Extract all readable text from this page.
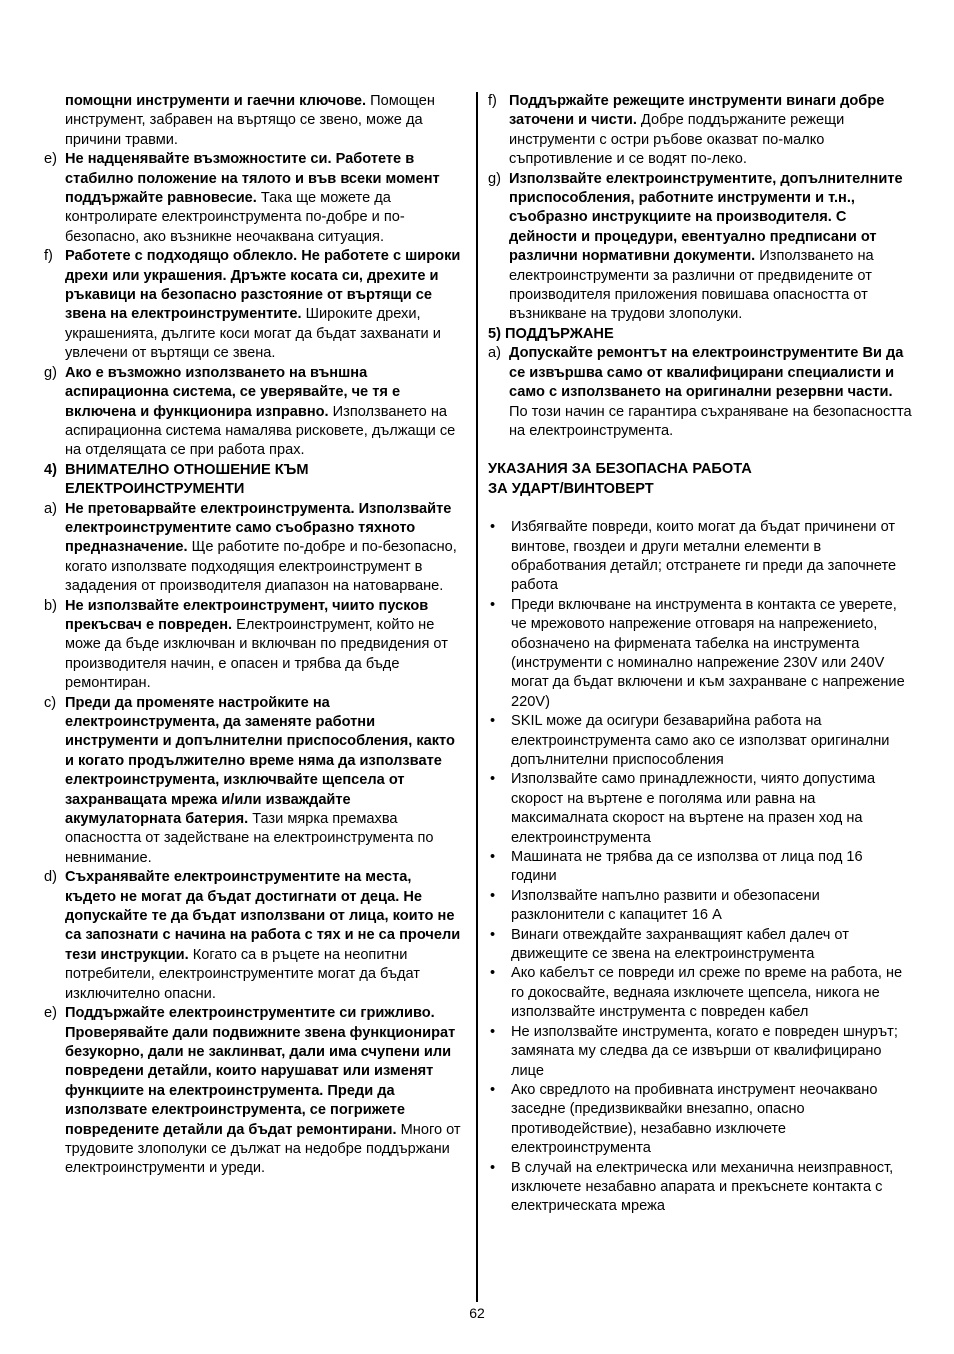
помощни инструменти и гаечни ключове. Помощен инструмент, забравен на въртящо се звено, може да причини травми.
e) Не надценявайте възможностите си. Работете в стабилно положение на тялото и във всеки момент поддържайте равновесие. Така ще можете да контролирате електроинструмента по-добре и по-безопасно, ако възникне неочаквана ситуация.
f) Работете с подходящо облекло. Не работете с широки дрехи или украшения. Дръжте косата си, дрехите и ръкавици на безопасно разстояние от въртящи се звена на електроинструментите. Широките дрехи, украшенията, дългите коси могат да бъдат захванати и увлечени от въртящи се звена.
g) Ако е възможно използването на външна аспирационна система, се уверявайте, че тя е включена и функционира изправно. Използването на аспирационна система намалява рисковете, дължащи се на отделящата се при работа прах.
4) ВНИМАТЕЛНО ОТНОШЕНИЕ КЪМ ЕЛЕКТРОИНСТРУМЕНТИ
a) Не претоварвайте електроинструмента. Използвайте електроинструментите само съобразно тяхното предназначение. Ще работите по-добре и по-безопасно, когато използвате подходящия електроинструмент в зададения от производителя диапазон на натоварване.
b) Не използвайте електроинструмент, чиито пусков прекъсвач е повреден. Електроинструмент, който не може да бъде изключван и включван по предвидения от производителя начин, е опасен и трябва да бъде ремонтиран.
c) Преди да променяте настройките на електроинструмента, да заменяте работни инструменти и допълнителни приспособления, както и когато продължително време няма да използвате електроинструмента, изключвайте щепсела от захранващата мрежа и/или изваждайте акумулаторната батерия. Тази мярка премахва опасността от задействане на електроинструмента по невнимание.
d) Съхранявайте електроинструментите на места, където не могат да бъдат достигнати от деца. Не допускайте те да бъдат използвани от лица, които не са запознати с начина на работа с тях и не са прочели тези инструкции. Когато са в ръцете на неопитни потребители, електроинструментите могат да бъдат изключително опасни.
e) Поддържайте електроинструментите си грижливо. Проверявайте дали подвижните звена функционират безукорно, дали не заклинват, дали има счупени или повредени детайли, които нарушават или изменят функциите на електроинструмента. Преди да използвате електроинструмента, се погрижете повредените детайли да бъдат ремонтирани. Много от трудовите злополуки се дължат на недобре поддържани електроинструменти и уреди.
f) Поддържайте режещите инструменти винаги добре заточени и чисти. Добре поддържаните режещи инструменти с остри ръбове оказват по-малко съпротивление и се водят по-леко.
g) Използвайте електроинструментите, допълнителните приспособления, работните инструменти и т.н., съобразно инструкциите на производителя. С дейности и процедури, евентуално предписани от различни нормативни документи. Използването на електроинструменти за различни от предвидените от производителя приложения повишава опасността от възникване на трудови злополуки.
5) ПОДДЪРЖАНЕ
a) Допускайте ремонтът на електроинструментите Ви да се извършва само от квалифицирани специалисти и само с използването на оригинални резервни части. По този начин се гарантира съхраняване на безопасността на електроинструмента.
УКАЗАНИЯ ЗА БЕЗОПАСНА РАБОТА
ЗА УДАРТ/ВИНТОВЕРТ
•	Избягвайте повреди, които могат да бъдат причинени от винтове, гвоздеи и други метални елементи в обработвания детайл; отстранете ги преди да започнете работа
•	Преди включване на инструмента в контакта се уверете, че мрежовото напрежение отговаря на напрежениеto, обозначено на фирмената табелка на инструмента (инструменти с номинално напрежение 230V или 240V могат да бъдат включени и към захранване с напрежение 220V)
•	SKIL може да осигури безаварийна работа на електроинструмента само ако се използват оригинални допълнителни приспособления
•	Използвайте само принадлежности, чиято допустима скорост на въртене е поголяма или равна на максималната скорост на въртене на празен ход на електроинструмента
•	Машината не трябва да се използва от лица под 16 години
•	Използвайте напълно развити и обезопасени разклонители с капацитет 16 A
•	Винаги отвеждайте захранващият кабел далеч от движещите се звена на електроинструмента
•	Ако кабелът се повреди ил среже по време на работа, не го докосвайте, веднаяа изключете щепсела, никога не използвайте инструмента с повреден кабел
•	Не използвайте инструмента, когато е повреден шнурът; замяната му следва да се извърши от квалифицирано лице
•	Ако свредлото на пробивната инструмент неочаквано заседне (предизвиквайки внезапно, опасно противодействие), незабавно изключете електроинструмента
•	В случай на електрическа или механична неизправност, изключете незабавно апарата и прекъснете контакта с електрическата мрежа
62
